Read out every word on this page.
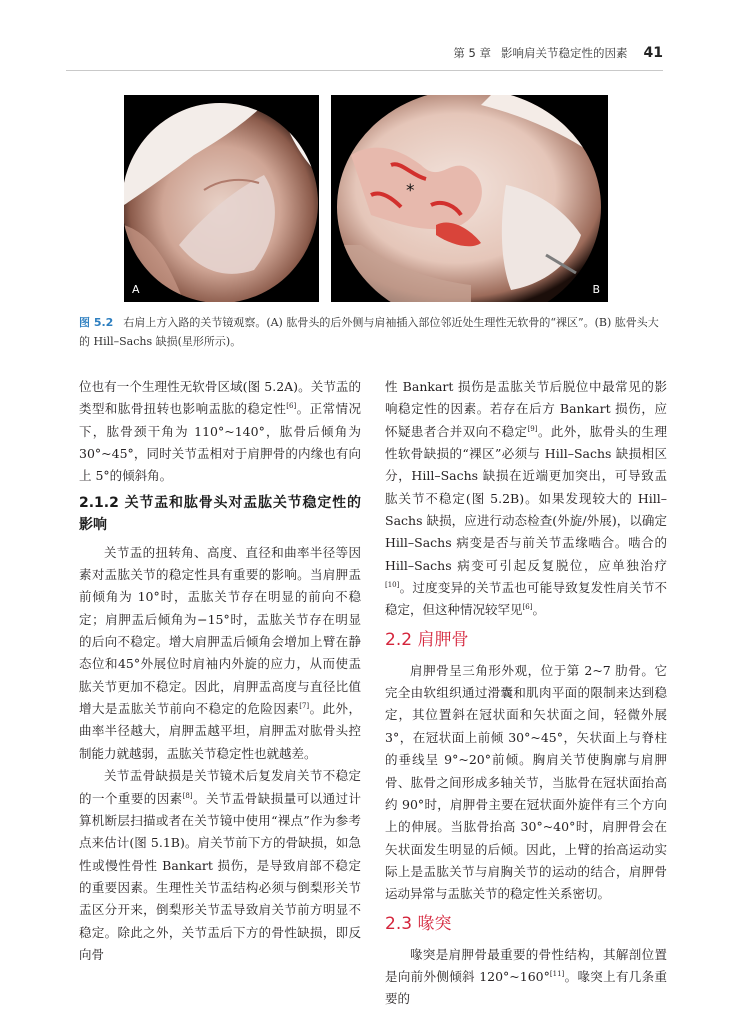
第 5 章 影响肩关节稳定性的因素 41
A
*
B
图 5.2 右肩上方入路的关节镜观察。(A) 肱骨头的后外侧与肩袖插入部位邻近处生理性无软骨的“裸区”。(B) 肱骨头大的 Hill–Sachs 缺损(星形所示)。

位也有一个生理性无软骨区域(图 5.2A)。关节盂的类型和肱骨扭转也影响盂肱的稳定性[6]。正常情况下，肱骨颈干角为 110°~140°，肱骨后倾角为 30°~45°，同时关节盂相对于肩胛骨的内缘也有向上 5°的倾斜角。

2.1.2 关节盂和肱骨头对盂肱关节稳定性的影响

关节盂的扭转角、高度、直径和曲率半径等因素对盂肱关节的稳定性具有重要的影响。当肩胛盂前倾角为 10°时，盂肱关节存在明显的前向不稳定；肩胛盂后倾角为−15°时，盂肱关节存在明显的后向不稳定。增大肩胛盂后倾角会增加上臂在静态位和45°外展位时肩袖内外旋的应力，从而使盂肱关节更加不稳定。因此，肩胛盂高度与直径比值增大是盂肱关节前向不稳定的危险因素[7]。此外，曲率半径越大，肩胛盂越平坦，肩胛盂对肱骨头控制能力就越弱，盂肱关节稳定性也就越差。

关节盂骨缺损是关节镜术后复发肩关节不稳定的一个重要的因素[8]。关节盂骨缺损量可以通过计算机断层扫描或者在关节镜中使用“裸点”作为参考点来估计(图 5.1B)。肩关节前下方的骨缺损，如急性或慢性骨性 Bankart 损伤，是导致肩部不稳定的重要因素。生理性关节盂结构必须与倒梨形关节盂区分开来，倒梨形关节盂导致肩关节前方明显不稳定。除此之外，关节盂后下方的骨性缺损，即反向骨

性 Bankart 损伤是盂肱关节后脱位中最常见的影响稳定性的因素。若存在后方 Bankart 损伤，应怀疑患者合并双向不稳定[9]。此外，肱骨头的生理性软骨缺损的“裸区”必须与 Hill–Sachs 缺损相区分，Hill–Sachs 缺损在近端更加突出，可导致盂肱关节不稳定(图 5.2B)。如果发现较大的 Hill–Sachs 缺损，应进行动态检查(外旋/外展)，以确定 Hill–Sachs 病变是否与前关节盂缘啮合。啮合的 Hill–Sachs 病变可引起反复脱位，应单独治疗[10]。过度变异的关节盂也可能导致复发性肩关节不稳定，但这种情况较罕见[6]。

2.2 肩胛骨

肩胛骨呈三角形外观，位于第 2~7 肋骨。它完全由软组织通过滑囊和肌肉平面的限制来达到稳定，其位置斜在冠状面和矢状面之间，轻微外展 3°，在冠状面上前倾 30°~45°，矢状面上与脊柱的垂线呈 9°~20°前倾。胸肩关节使胸廓与肩胛骨、肱骨之间形成多轴关节，当肱骨在冠状面抬高约 90°时，肩胛骨主要在冠状面外旋伴有三个方向上的伸展。当肱骨抬高 30°~40°时，肩胛骨会在矢状面发生明显的后倾。因此，上臂的抬高运动实际上是盂肱关节与肩胸关节的运动的结合，肩胛骨运动异常与盂肱关节的稳定性关系密切。

2.3 喙突

喙突是肩胛骨最重要的骨性结构，其解剖位置是向前外侧倾斜 120°~160°[11]。喙突上有几条重要的
